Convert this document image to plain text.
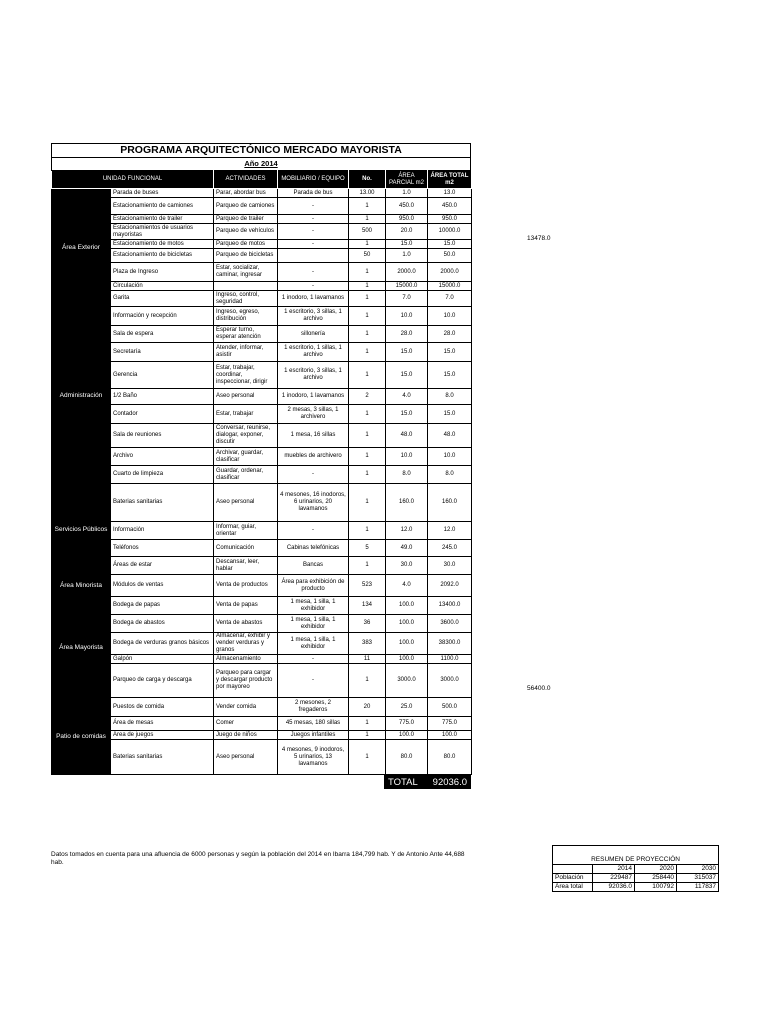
PROGRAMA ARQUITECTÓNICO MERCADO MAYORISTA
Año 2014
UNIDAD FUNCIONAL		ACTIVIDADES	MOBILIARIO / EQUIPO	No.	ÁREA PARCIAL m2	ÁREA TOTAL m2
Área Exterior	Parada de buses	Parar, abordar bus	Parada de bus	13.00	1.0	13.0
	Estacionamiento de camiones	Parqueo de camiones	-	1	450.0	450.0
	Estacionamiento de trailer	Parqueo de trailer	-	1	950.0	950.0
	Estacionamientos de usuarios mayoristas	Parqueo de vehículos	-	500	20.0	10000.0
	Estacionamiento de motos	Parqueo de motos	-	1	15.0	15.0
	Estacionamiento de bicicletas	Parqueo de bicicletas		50	1.0	50.0
	Plaza de Ingreso	Estar, socializar, caminar, ingresar	-	1	2000.0	2000.0
	Circulación		-	1	15000.0	15000.0
	Garita	Ingreso, control, seguridad	1 inodoro, 1 lavamanos	1	7.0	7.0
Administración	Información y recepción	Ingreso, egreso, distribución	1 escritorio, 3 sillas, 1 archivo	1	10.0	10.0
	Sala de espera	Esperar turno, esperar atención	sillonería	1	28.0	28.0
	Secretaría	Atender, informar, asistir	1 escritorio, 1 sillas, 1 archivo	1	15.0	15.0
	Gerencia	Estar, trabajar, coordinar, inspeccionar, dirigir	1 escritorio, 3 sillas, 1 archivo	1	15.0	15.0
	1/2 Baño	Aseo personal	1 inodoro, 1 lavamanos	2	4.0	8.0
	Contador	Estar, trabajar	2 mesas, 3 sillas, 1 archivero	1	15.0	15.0
	Sala de reuniones	Conversar, reunirse, dialogar, exponer, discutir	1 mesa, 16 sillas	1	48.0	48.0
	Archivo	Archivar, guardar, clasificar	muebles de archivero	1	10.0	10.0
	Cuarto de limpieza	Guardar, ordenar, clasificar	-	1	8.0	8.0
Servicios Públicos	Baterias sanitarias	Aseo personal	4 mesones, 16 inodoros, 6 urinarios, 20 lavamanos	1	160.0	160.0
	Información	Informar, guiar, orientar	-	1	12.0	12.0
	Teléfonos	Comunicación	Cabinas telefónicas	5	49.0	245.0
	Áreas de estar	Descansar, leer, hablar	Bancas	1	30.0	30.0
Área Minorista	Módulos de ventas	Venta de productos	Área para exhibición de producto	523	4.0	2092.0
Área Mayorista	Bodega de papas	Venta de papas	1 mesa, 1 silla, 1 exhibidor	134	100.0	13400.0
	Bodega de abastos	Venta de abastos	1 mesa, 1 silla, 1 exhibidor	36	100.0	3600.0
	Bodega de verduras granos básicos	Almacenar, exhibir y vender verduras y granos	1 mesa, 1 silla, 1 exhibidor	383	100.0	38300.0
	Galpón	Almacenamiento	-	11	100.0	1100.0
	Parqueo de carga y descarga	Parqueo para cargar y descargar producto por mayoreo	-	1	3000.0	3000.0
Patio de comidas	Puestos de comida	Vender comida	2 mesones, 2 fregaderos	20	25.0	500.0
	Área de mesas	Comer	45 mesas, 180 sillas	1	775.0	775.0
	Área de juegos	Juego de niños	Juegos infantiles	1	100.0	100.0
	Baterias sanitarias	Aseo personal	4 mesones, 9 inodoros, 5 urinarios, 13 lavamanos	1	80.0	80.0
TOTAL 92036.0
13478.0
56400.0
Datos tomados en cuenta para una afluencia de 6000 personas y según la población del 2014 en Ibarra 184,799 hab. Y de Antonio Ante 44,688 hab.	RESUMEN DE PROYECCIÓN			
	2014	2020	2030
Población	229487	258440	315037
Área total	92036.0	100792	117837
